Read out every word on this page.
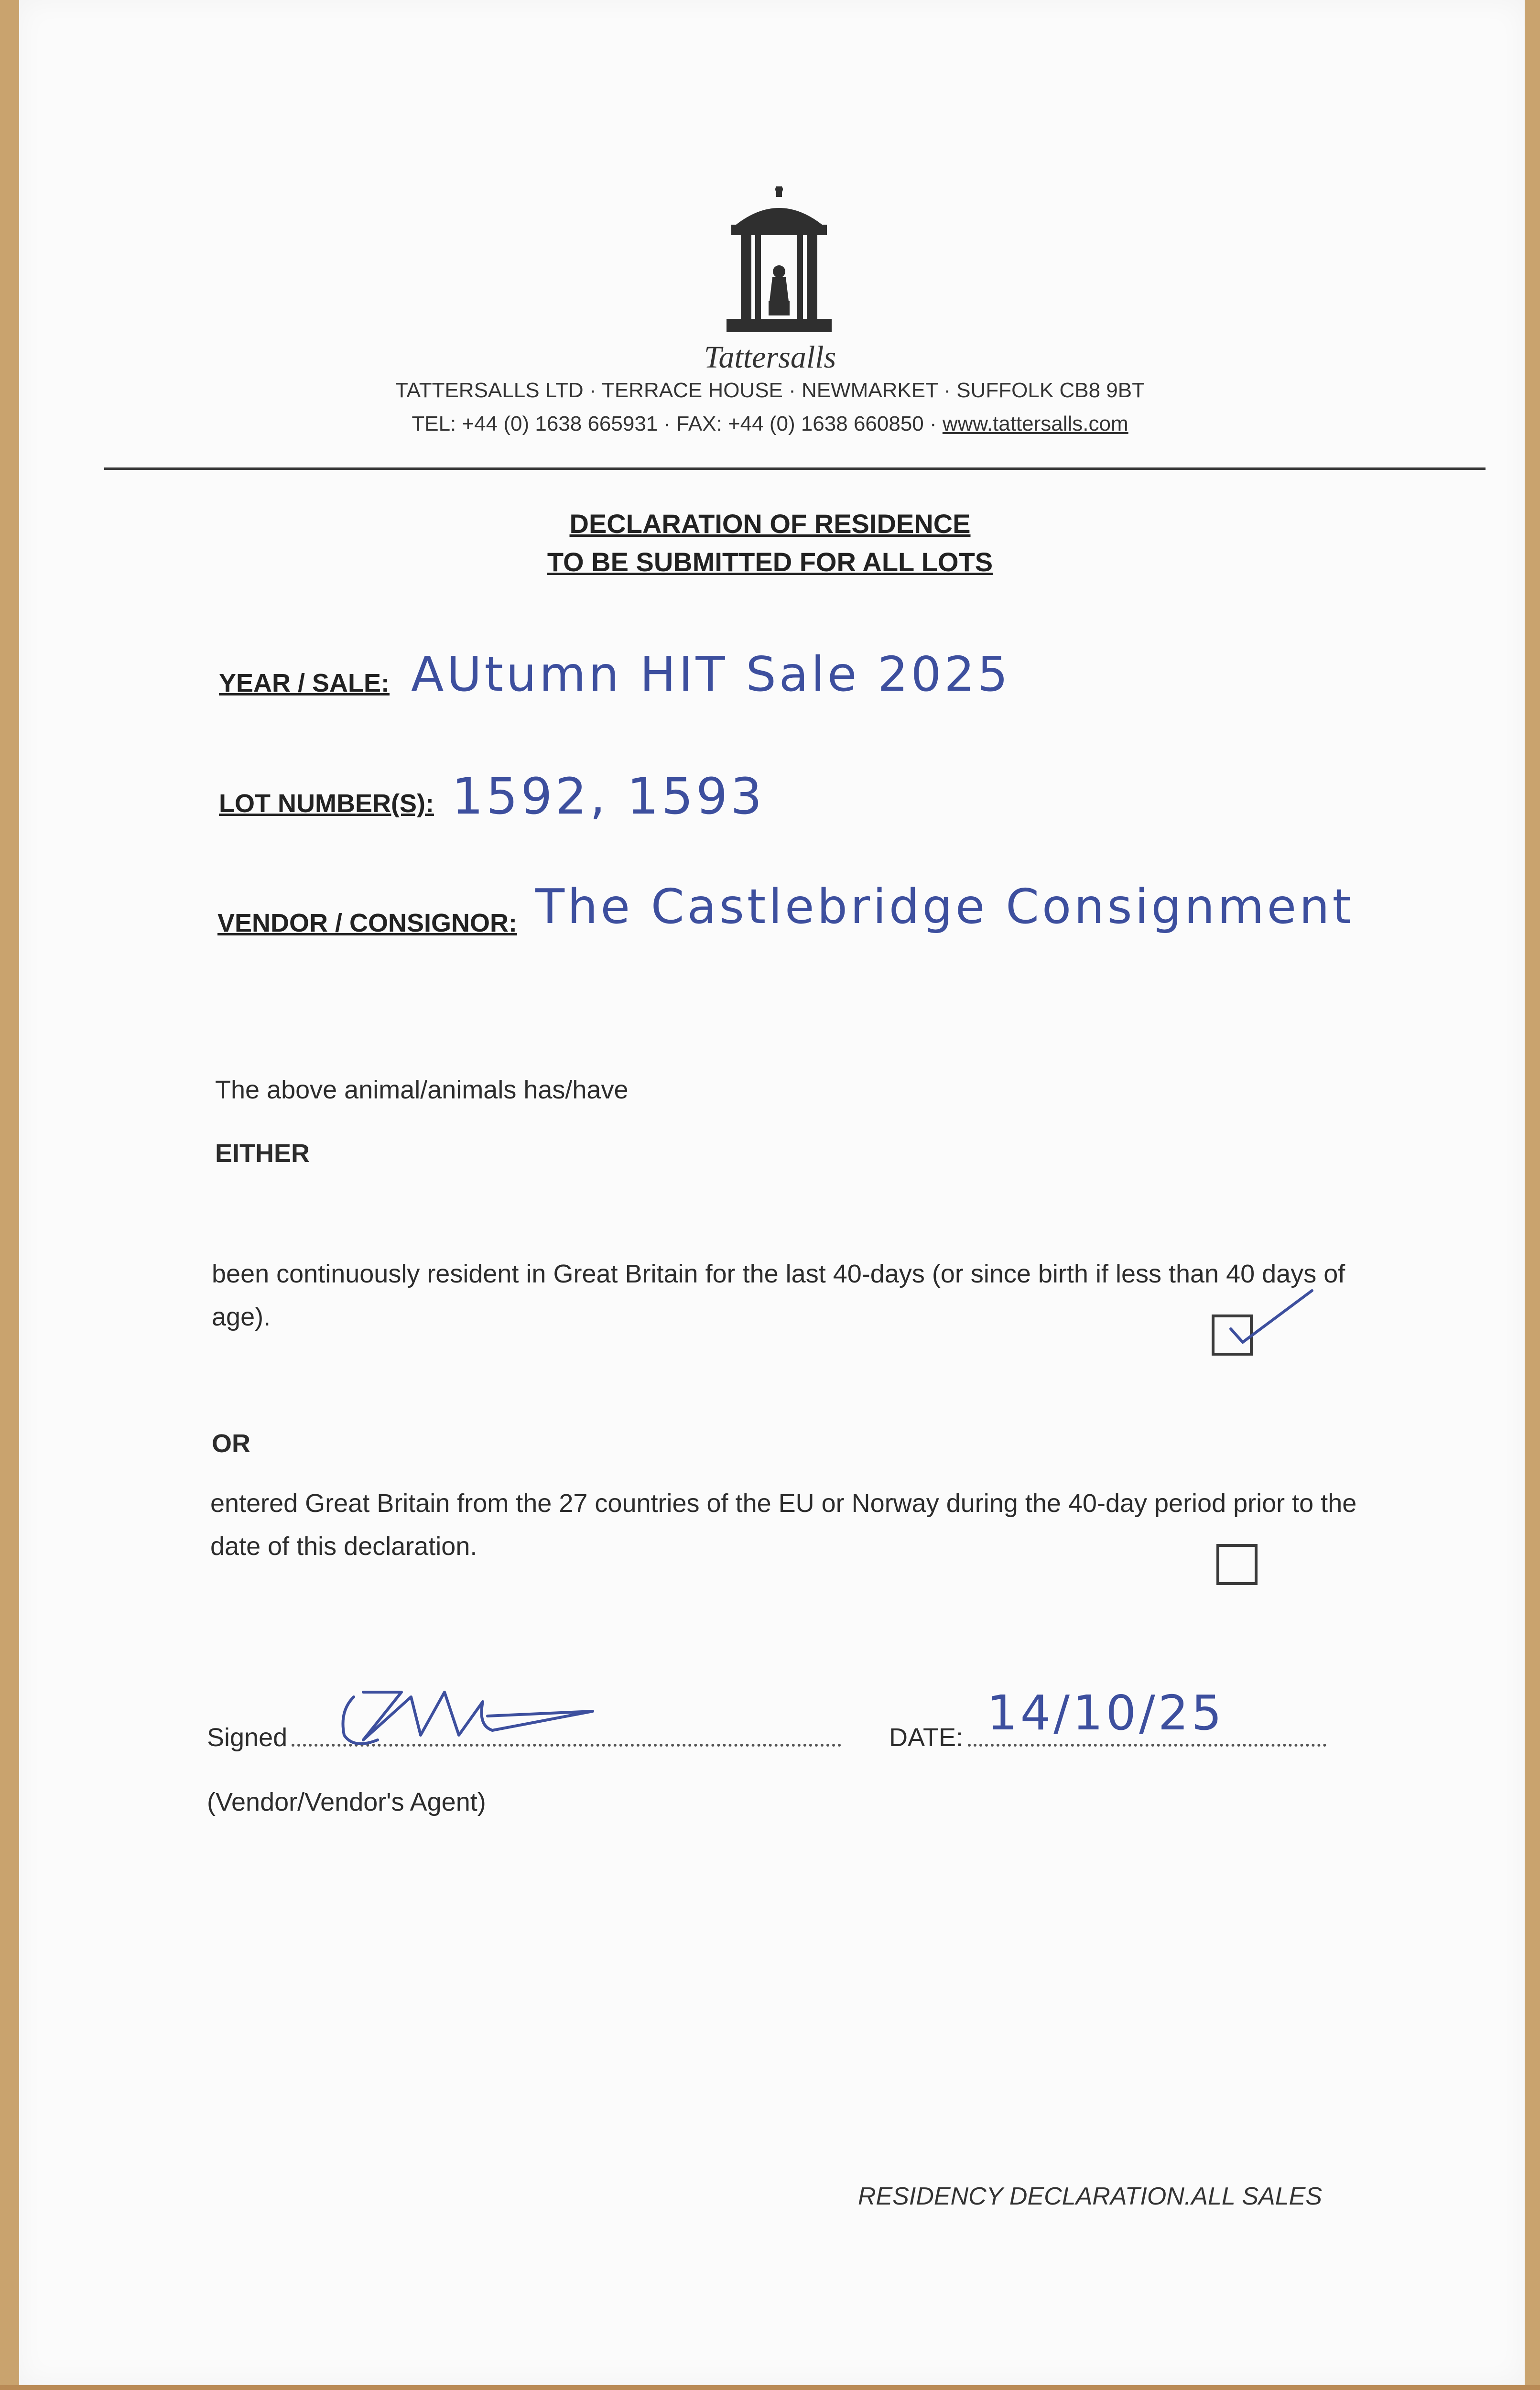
Tattersalls
TATTERSALLS LTD · TERRACE HOUSE · NEWMARKET · SUFFOLK CB8 9BT
TEL: +44 (0) 1638 665931 · FAX: +44 (0) 1638 660850 · www.tattersalls.com
DECLARATION OF RESIDENCE
TO BE SUBMITTED FOR ALL LOTS
YEAR / SALE: AUtumn HIT Sale 2025
LOT NUMBER(S): 1592, 1593
VENDOR / CONSIGNOR: The Castlebridge Consignment
The above animal/animals has/have
EITHER
been continuously resident in Great Britain for the last 40-days (or since birth if less than 40 days of age).
OR
entered Great Britain from the 27 countries of the EU or Norway during the 40-day period prior to the date of this declaration.
Signed	DATE: 14/10/25
(Vendor/Vendor's Agent)
RESIDENCY DECLARATION.ALL SALES
